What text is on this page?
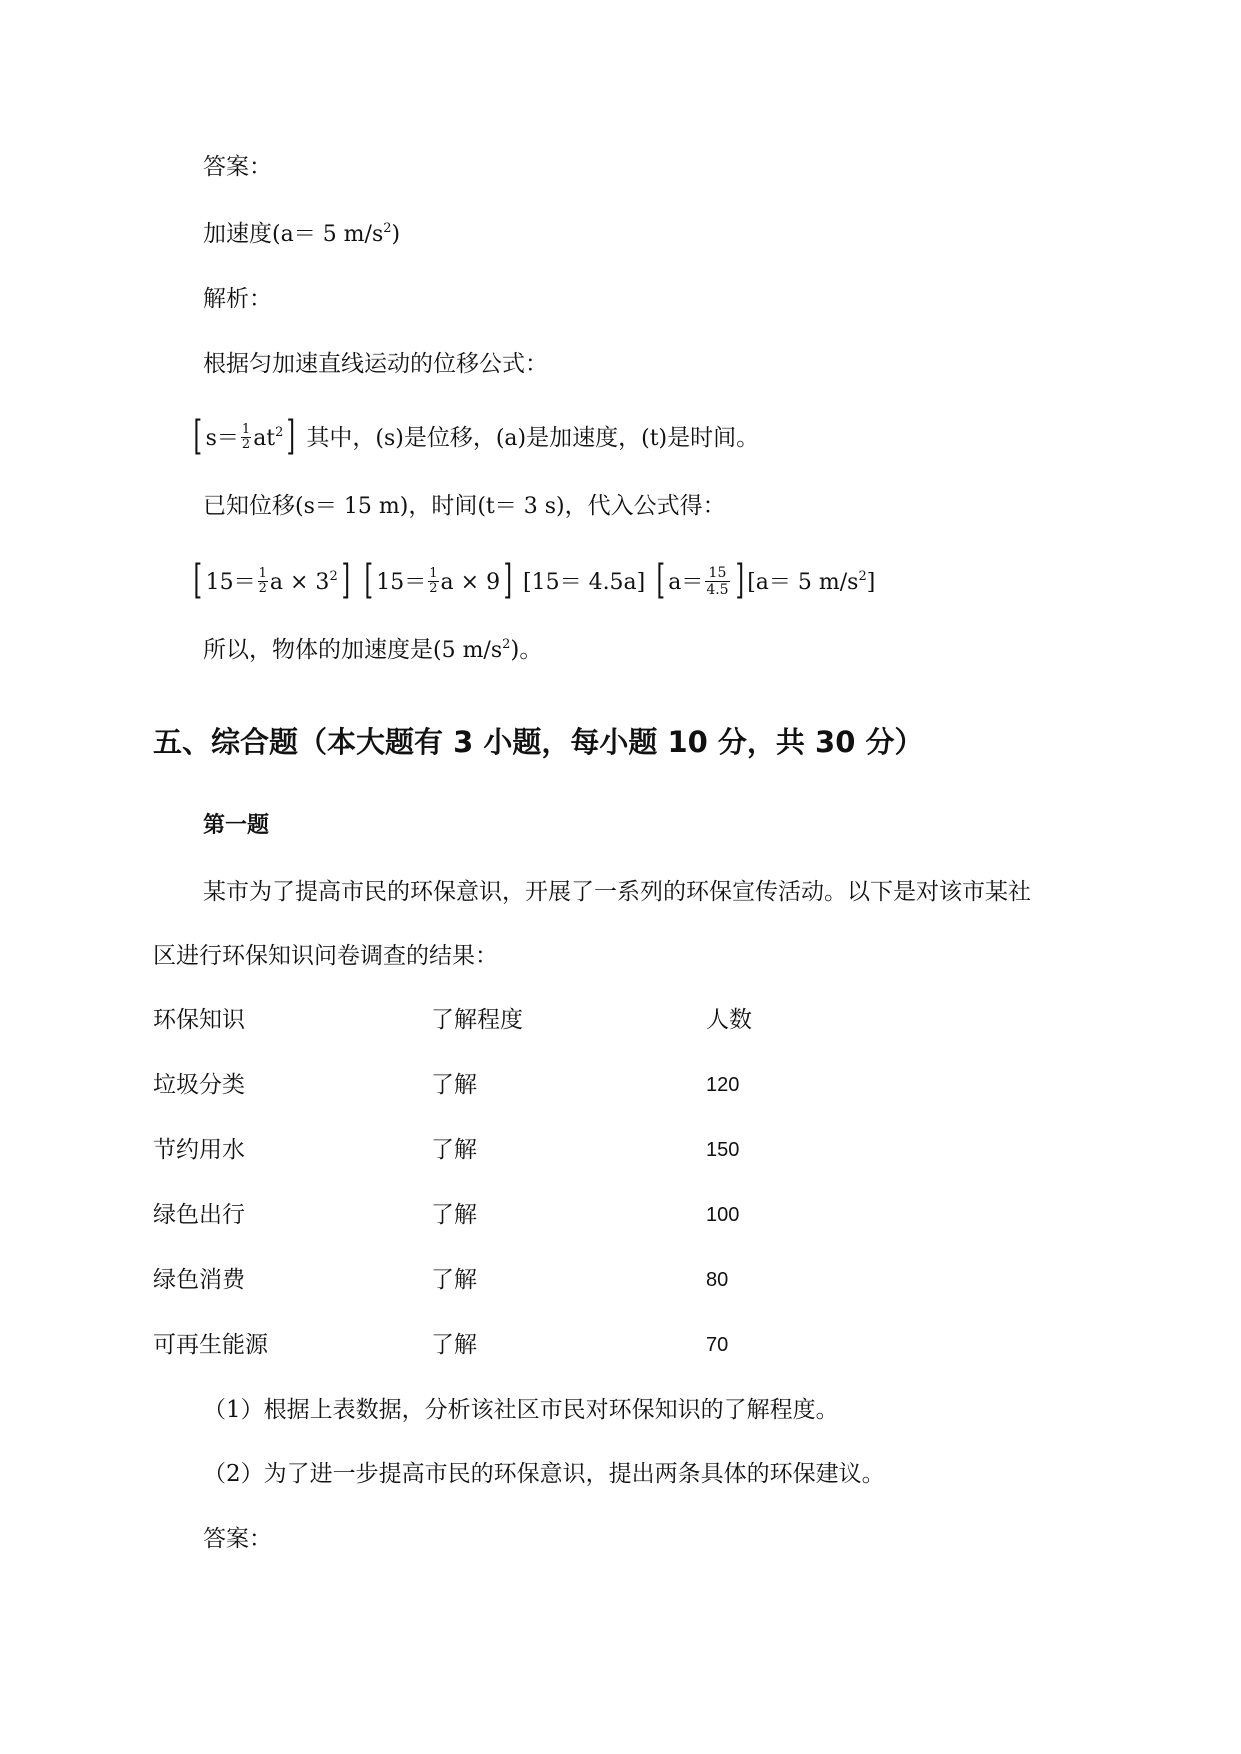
答案：
加速度(a＝ 5 $m/s^2$)
解析：
根据匀加速直线运动的位移公式：
[ $s= \frac{1}{2} at^2$] 其中，(s)是位移，(a)是加速度，(t)是时间。
已知位移(s＝ 15 m)，时间(t＝ 3 s)，代入公式得：
[ $15= \frac{1}{2}$ $a \times 3^2$] [ $15= \frac{1}{2}$ a × 9] [15＝ 4.5a] [ $a= \frac{15}{4.5}$ ] [a＝ 5 $m/s^2$]
所以，物体的加速度是(5 $m/s^2$)。
五、综合题（本大题有 3 小题，每小题 10 分，共 30 分）
第一题
某市为了提高市民的环保意识，开展了一系列的环保宣传活动。以下是对该市某社
区进行环保知识问卷调查的结果：
环保知识	了解程度	人数
垃圾分类	了解	120
节约用水	了解	150
绿色出行	了解	100
绿色消费	了解	80
可再生能源	了解	70
（1）根据上表数据，分析该社区市民对环保知识的了解程度。
（2）为了进一步提高市民的环保意识，提出两条具体的环保建议。
答案：
